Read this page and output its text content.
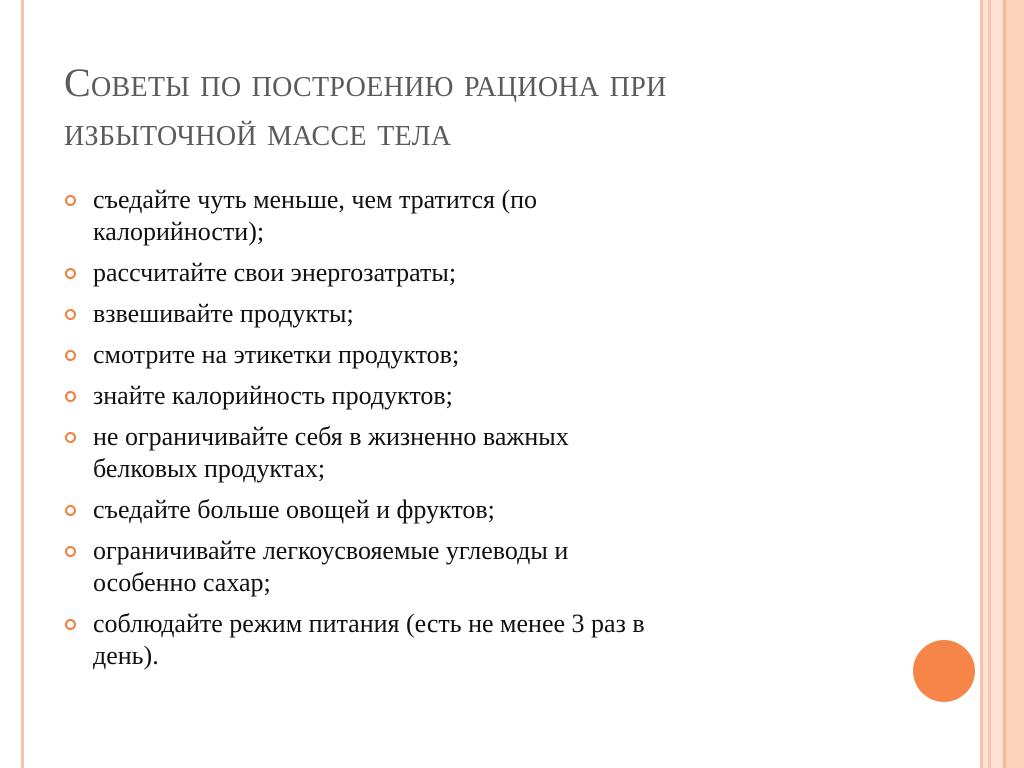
Советы по построению рациона при
избыточной массе тела
съедайте чуть меньше, чем тратится (по
калорийности);
рассчитайте свои энергозатраты;
взвешивайте продукты;
смотрите на этикетки продуктов;
знайте калорийность продуктов;
не ограничивайте себя в жизненно важных
белковых продуктах;
съедайте больше овощей и фруктов;
ограничивайте легкоусвояемые углеводы и
особенно сахар;
соблюдайте режим питания (есть не менее 3 раз в
день).
